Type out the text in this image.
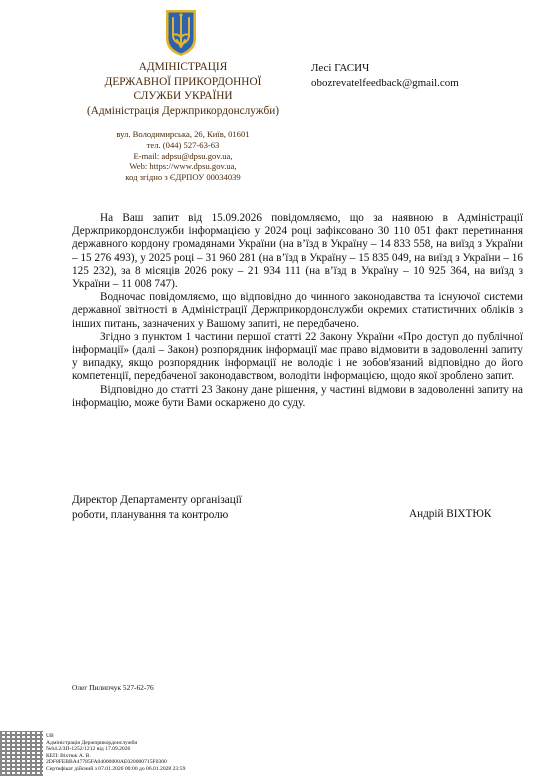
АДМІНІСТРАЦІЯ
ДЕРЖАВНОЇ ПРИКОРДОННОЇ
СЛУЖБИ УКРАЇНИ
(Адміністрація Держприкордонслужби)
вул. Володимирська, 26, Київ, 01601
тел. (044) 527-63-63
E-mail: adpsu@dpsu.gov.ua,
Web: https://www.dpsu.gov.ua,
код згідно з ЄДРПОУ 00034039
Лесі ГАСИЧ
obozrevatelfeedback@gmail.com

На Ваш запит від 15.09.2026 повідомляємо, що за наявною в Адміністрації Держприкордонслужби інформацією у 2024 році зафіксовано 30 110 051 факт перетинання державного кордону громадянами України (на в’їзд в Україну – 14 833 558, на виїзд з України – 15 276 493), у 2025 році – 31 960 281 (на в’їзд в Україну – 15 835 049, на виїзд з України – 16 125 232), за 8 місяців 2026 року – 21 934 111 (на в’їзд в Україну – 10 925 364, на виїзд з України – 11 008 747).

Водночас повідомляємо, що відповідно до чинного законодавства та існуючої системи державної звітності в Адміністрації Держприкордонслужби окремих статистичних обліків з інших питань, зазначених у Вашому запиті, не передбачено.

Згідно з пунктом 1 частини першої статті 22 Закону України «Про доступ до публічної інформації» (далі – Закон) розпорядник інформації має право відмовити в задоволенні запиту у випадку, якщо розпорядник інформації не володіє і не зобов'язаний відповідно до його компетенції, передбаченої законодавством, володіти інформацією, щодо якої зроблено запит.

Відповідно до статті 23 Закону дане рішення, у частині відмови в задоволенні запиту на інформацію, може бути Вами оскаржено до суду.

Директор Департаменту організації
роботи, планування та контролю	Андрій ВІХТЮК
Олег Пилипчук 527-62-76
UB
Адміністрація Держприкордонслужби
№64.2/ЗП-1252/1212 від 17.09.2026
КЕП: Віхтюк А. В.
2DF8FEBBA47785FA04000000AE020000715F0300
Сертифікат дійсний з 07.01.2026 00:00 до 06.01.2028 23:59
